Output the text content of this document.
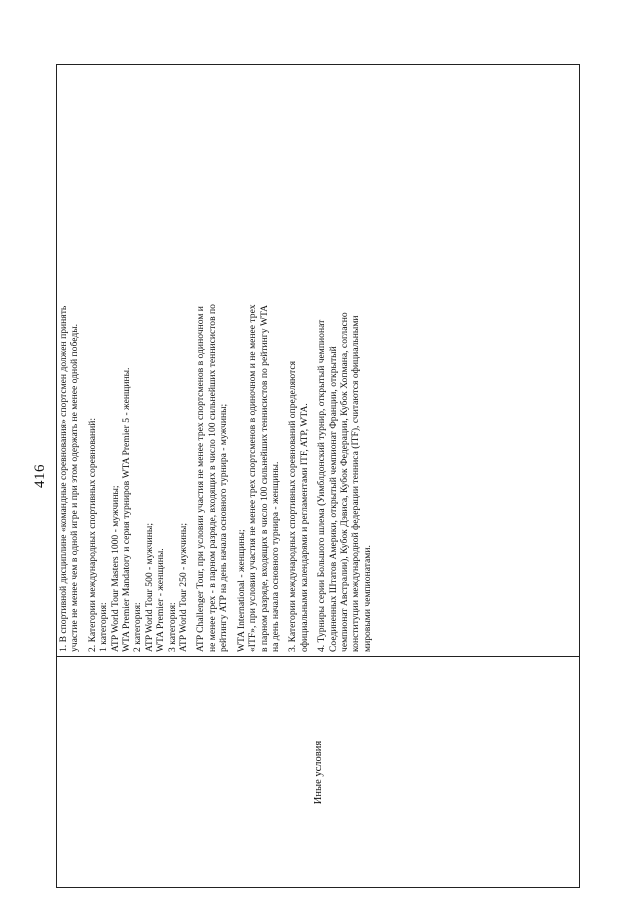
416
Иные условия

1. В спортивной дисциплине «командные соревнования» спортсмен должен принять участие не менее чем в одной игре и при этом одержать не менее одной победы. 2. Категории международных спортивных соревнований: 1 категория: ATP World Tour Masters 1000 - мужчины; WTA Premier Mandatory и серия турниров WTA Premier 5 - женщины. 2 категория: ATP World Tour 500 - мужчины; WTA Premier - женщины. 3 категория: ATP World Tour 250 - мужчины; ATP Challenger Tour, при условии участия не менее трех спортсменов в одиночном и не менее трех - в парном разряде, входящих в число 100 сильнейших теннисистов по рейтингу ATP на день начала основного турнира - мужчины; WTA International - женщины; «ITF», при условии участия не менее трех спортсменов в одиночном и не менее трех в парном разряде, входящих в число 100 сильнейших теннисистов по рейтингу WTA на день начала основного турнира - женщины. 3. Категории международных спортивных соревнований определяются официальными календарями и регламентами ITF, ATP, WTA. 4. Турниры серии Большого шлема (Уимблдонский турнир, открытый чемпионат Соединенных Штатов Америки, открытый чемпионат Франции, открытый чемпионат Австралии), Кубок Дэвиса, Кубок Федерации, Кубок Хопмана, согласно конституции международной федерации тенниса (ITF), считаются официальными мировыми чемпионатами.
